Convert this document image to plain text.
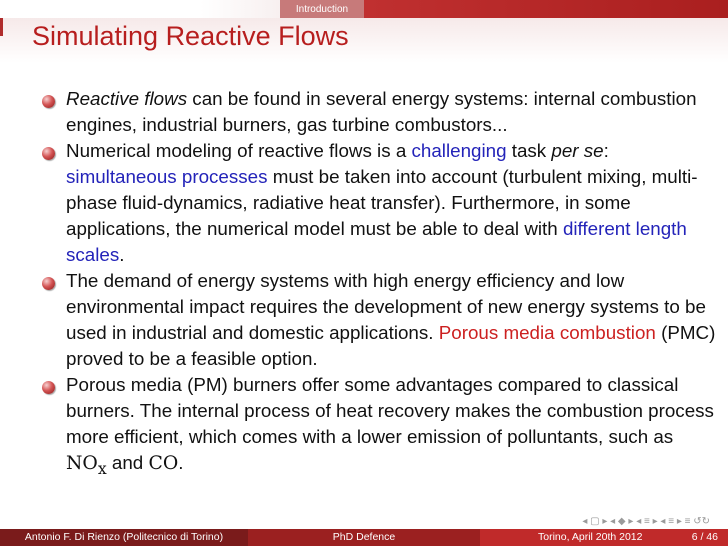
Introduction
Simulating Reactive Flows
Reactive flows can be found in several energy systems: internal combustion engines, industrial burners, gas turbine combustors...
Numerical modeling of reactive flows is a challenging task per se: simultaneous processes must be taken into account (turbulent mixing, multi-phase fluid-dynamics, radiative heat transfer). Furthermore, in some applications, the numerical model must be able to deal with different length scales.
The demand of energy systems with high energy efficiency and low environmental impact requires the development of new energy systems to be used in industrial and domestic applications. Porous media combustion (PMC) proved to be a feasible option.
Porous media (PM) burners offer some advantages compared to classical burners. The internal process of heat recovery makes the combustion process more efficient, which comes with a lower emission of polluntants, such as $NO_x$ and CO.
◂ ▢ ▸ ◂ ◆ ▸ ◂ ≡ ▸ ◂ ≡ ▸ ≡ ↺↻
Antonio F. Di Rienzo (Politecnico di Torino)	PhD Defence	Torino, April 20th 2012	6 / 46
